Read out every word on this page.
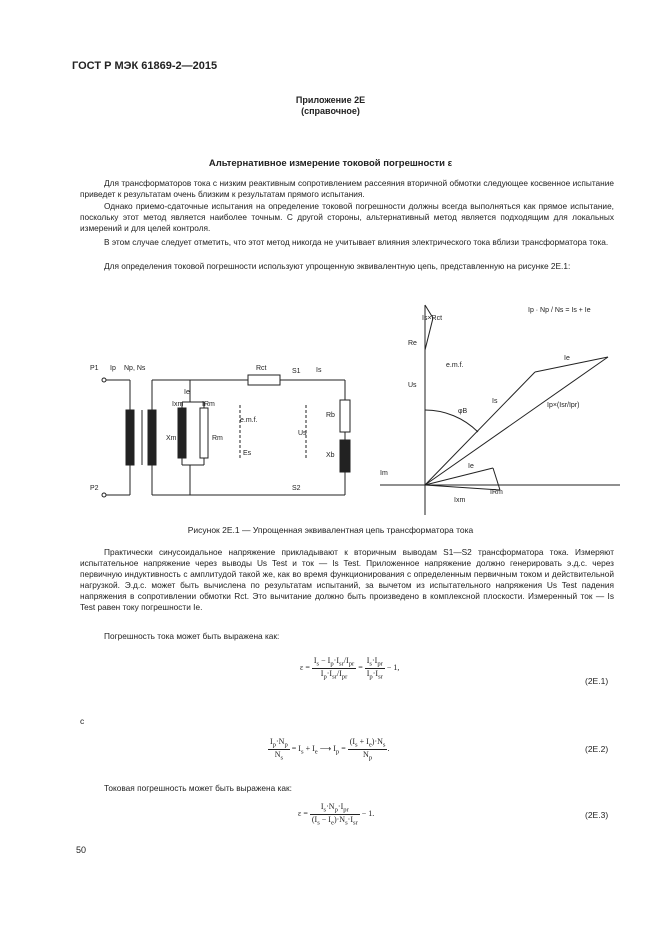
ГОСТ Р МЭК 61869-2—2015
Приложение 2Е
(справочное)
Альтернативное измерение токовой погрешности ε
Для трансформаторов тока с низким реактивным сопротивлением рассеяния вторичной обмотки следующее косвенное испытание приведет к результатам очень близким к результатам прямого испытания.
Однако приемо-сдаточные испытания на определение токовой погрешности должны всегда выполняться как прямое испытание, поскольку этот метод является наиболее точным. С другой стороны, альтернативный метод является подходящим для локальных измерений и для целей контроля.
В этом случае следует отметить, что этот метод никогда не учитывает влияния электрического тока вблизи трансформатора тока.
Для определения токовой погрешности используют упрощенную эквивалентную цепь, представленную на рисунке 2Е.1:
P1
P2
Ip Np, Ns	Rct	S1 Is
S2
Ie
Ixm	IRm
Xm	Rm
e.m.f.
Es
Us
Rb
Xb
Ip · Np / Ns = Is + Ie
Is×Rct
Re
e.m.f.
Us
Is
Ie
φB
Ip×(Isr/Ipr)
Ie
Im
IRm
Ixm
Рисунок 2Е.1 — Упрощенная эквивалентная цепь трансформатора тока
Практически синусоидальное напряжение прикладывают к вторичным выводам S1—S2 трансформатора тока. Измеряют испытательное напряжение через выводы Us Test и ток — Is Test. Приложенное напряжение должно генерировать э.д.с. через первичную индуктивность с амплитудой такой же, как во время функционирования с определенным первичным током и действительной нагрузкой. Э.д.с. может быть вычислена по результатам испытаний, за вычетом из испытательного напряжения Us Test падения напряжения в сопротивлении обмотки Rct. Это вычитание должно быть произведено в комплексной плоскости. Измеренный ток — Is Test равен току погрешности Ie.
Погрешность тока может быть выражена как:
$\varepsilon = \frac{I_s - I_p\cdot I_{sr}/I_{pr}}{I_p\cdot I_{sr}/I_{pr}} = \frac{I_s\cdot I_{pr}}{I_p\cdot I_{sr}} - 1$,
(2Е.1)
с
$\frac{I_p\cdot N_p}{N_s} = I_s + I_e$ ⟶ $I_p = \frac{(I_s + I_e)\cdot N_s}{N_p}$ .	(2Е.2)
Токовая погрешность может быть выражена как:
$\varepsilon = \frac{I_s\cdot N_p\cdot I_{pr}}{(I_s - I_e)\cdot N_s\cdot I_{sr}} - 1$.	(2Е.3)
50
